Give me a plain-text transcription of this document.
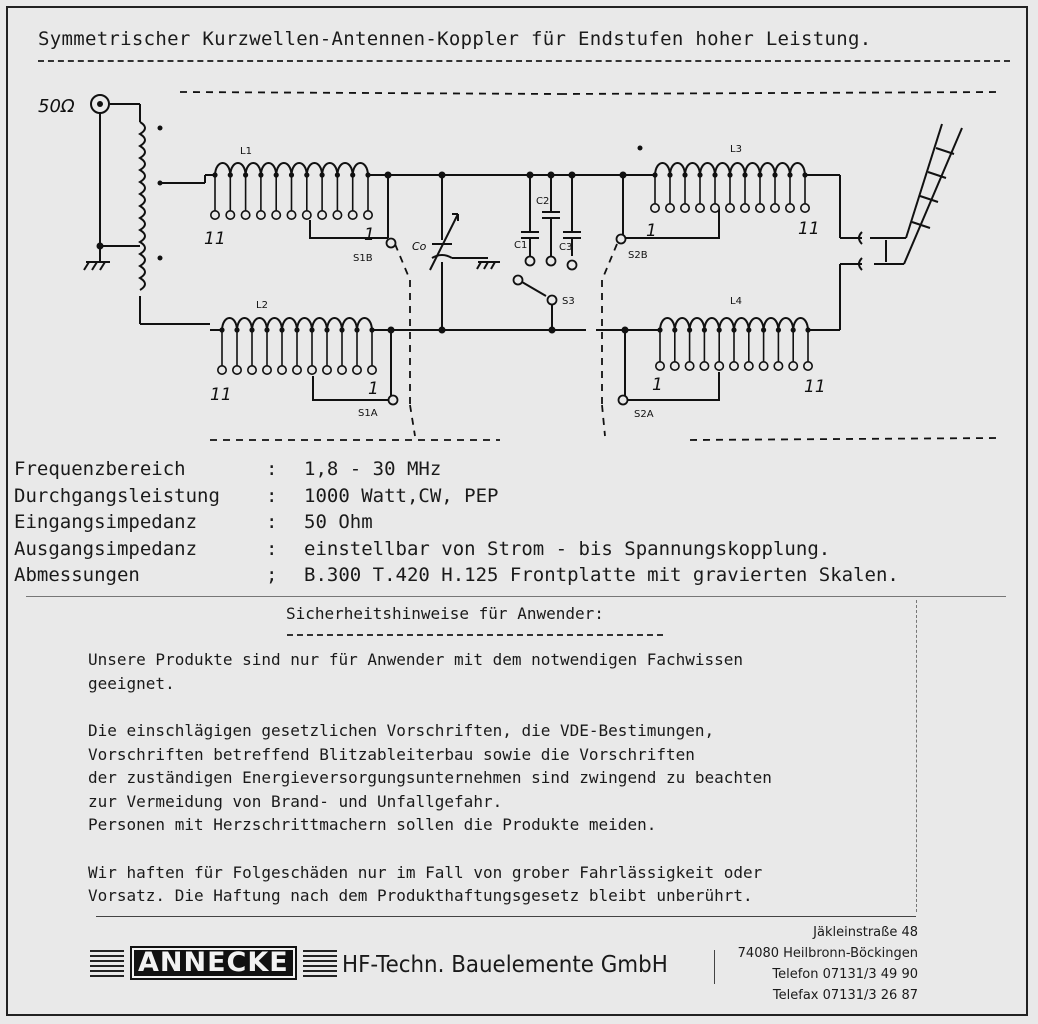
Symmetrischer Kurzwellen-Antennen-Koppler für Endstufen hoher Leistung.
50Ω
L1
L2
L3
L4
Co	C1
C2
C3
S1B	S2B
S1A	S2A
S3
11	1
11	1
1	11
1	11
Frequenzbereich	:	1,8 - 30 MHz
Durchgangsleistung	:	1000 Watt,CW, PEP
Eingangsimpedanz	:	50 Ohm
Ausgangsimpedanz	:	einstellbar von Strom - bis Spannungskopplung.
Abmessungen	;	B.300 T.420 H.125 Frontplatte mit gravierten Skalen.
Sicherheitshinweise für Anwender:

Unsere Produkte sind nur für Anwender mit dem notwendigen Fachwissen
geeignet.

Die einschlägigen gesetzlichen Vorschriften, die VDE-Bestimungen,
Vorschriften betreffend Blitzableiterbau sowie die Vorschriften
der zuständigen Energieversorgungsunternehmen sind zwingend zu beachten
zur Vermeidung von Brand- und Unfallgefahr.
Personen mit Herzschrittmachern sollen die Produkte meiden.

Wir haften für Folgeschäden nur im Fall von grober Fahrlässigkeit oder
Vorsatz. Die Haftung nach dem Produkthaftungsgesetz bleibt unberührt.

ANNECKE	HF-Techn. Bauelemente GmbH
Jäkleinstraße 48
74080 Heilbronn-Böckingen
Telefon 07131/3 49 90
Telefax 07131/3 26 87
